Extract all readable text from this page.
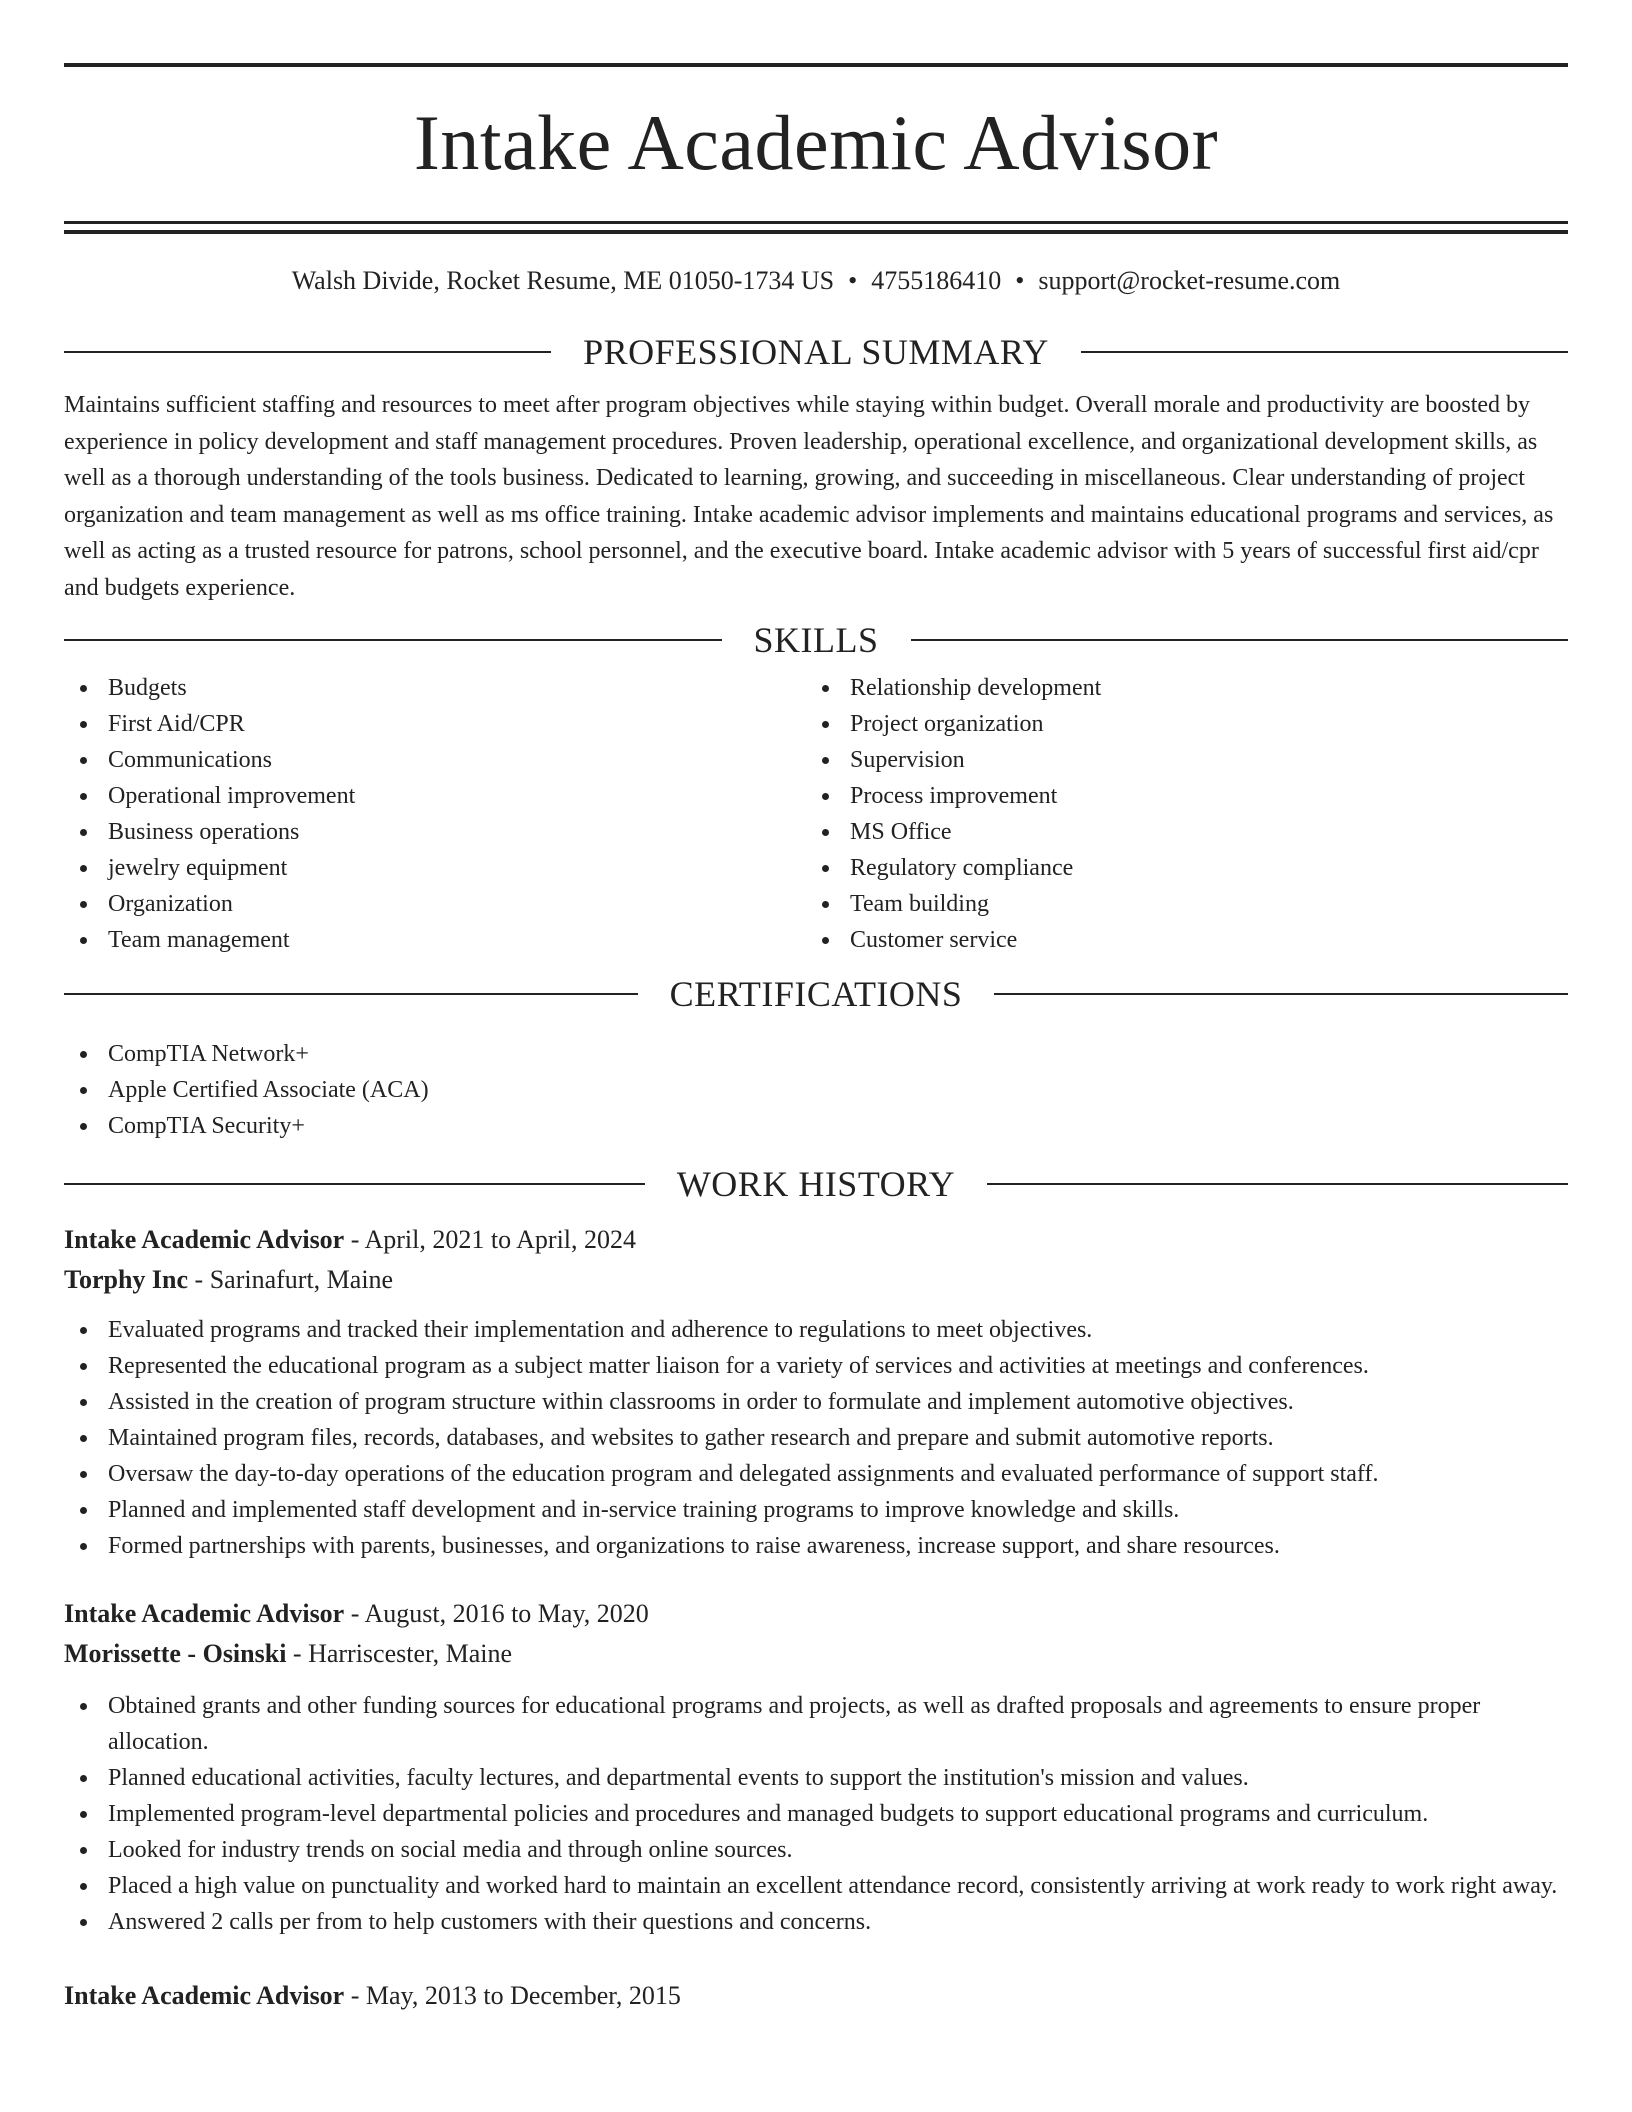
Intake Academic Advisor
Walsh Divide, Rocket Resume, ME 01050-1734 US • 4755186410 • support@rocket-resume.com
PROFESSIONAL SUMMARY

Maintains sufficient staffing and resources to meet after program objectives while staying within budget. Overall morale and productivity are boosted by experience in policy development and staff management procedures. Proven leadership, operational excellence, and organizational development skills, as well as a thorough understanding of the tools business. Dedicated to learning, growing, and succeeding in miscellaneous. Clear understanding of project organization and team management as well as ms office training. Intake academic advisor implements and maintains educational programs and services, as well as acting as a trusted resource for patrons, school personnel, and the executive board. Intake academic advisor with 5 years of successful first aid/cpr and budgets experience.

SKILLS
Budgets
First Aid/CPR
Communications
Operational improvement
Business operations
jewelry equipment
Organization
Team management
Relationship development
Project organization
Supervision
Process improvement
MS Office
Regulatory compliance
Team building
Customer service
CERTIFICATIONS
CompTIA Network+
Apple Certified Associate (ACA)
CompTIA Security+
WORK HISTORY
Intake Academic Advisor - April, 2021 to April, 2024
Torphy Inc - Sarinafurt, Maine
Evaluated programs and tracked their implementation and adherence to regulations to meet objectives.
Represented the educational program as a subject matter liaison for a variety of services and activities at meetings and conferences.
Assisted in the creation of program structure within classrooms in order to formulate and implement automotive objectives.
Maintained program files, records, databases, and websites to gather research and prepare and submit automotive reports.
Oversaw the day-to-day operations of the education program and delegated assignments and evaluated performance of support staff.
Planned and implemented staff development and in-service training programs to improve knowledge and skills.
Formed partnerships with parents, businesses, and organizations to raise awareness, increase support, and share resources.
Intake Academic Advisor - August, 2016 to May, 2020
Morissette - Osinski - Harriscester, Maine
Obtained grants and other funding sources for educational programs and projects, as well as drafted proposals and agreements to ensure proper allocation.
Planned educational activities, faculty lectures, and departmental events to support the institution's mission and values.
Implemented program-level departmental policies and procedures and managed budgets to support educational programs and curriculum.
Looked for industry trends on social media and through online sources.
Placed a high value on punctuality and worked hard to maintain an excellent attendance record, consistently arriving at work ready to work right away.
Answered 2 calls per from to help customers with their questions and concerns.
Intake Academic Advisor - May, 2013 to December, 2015
